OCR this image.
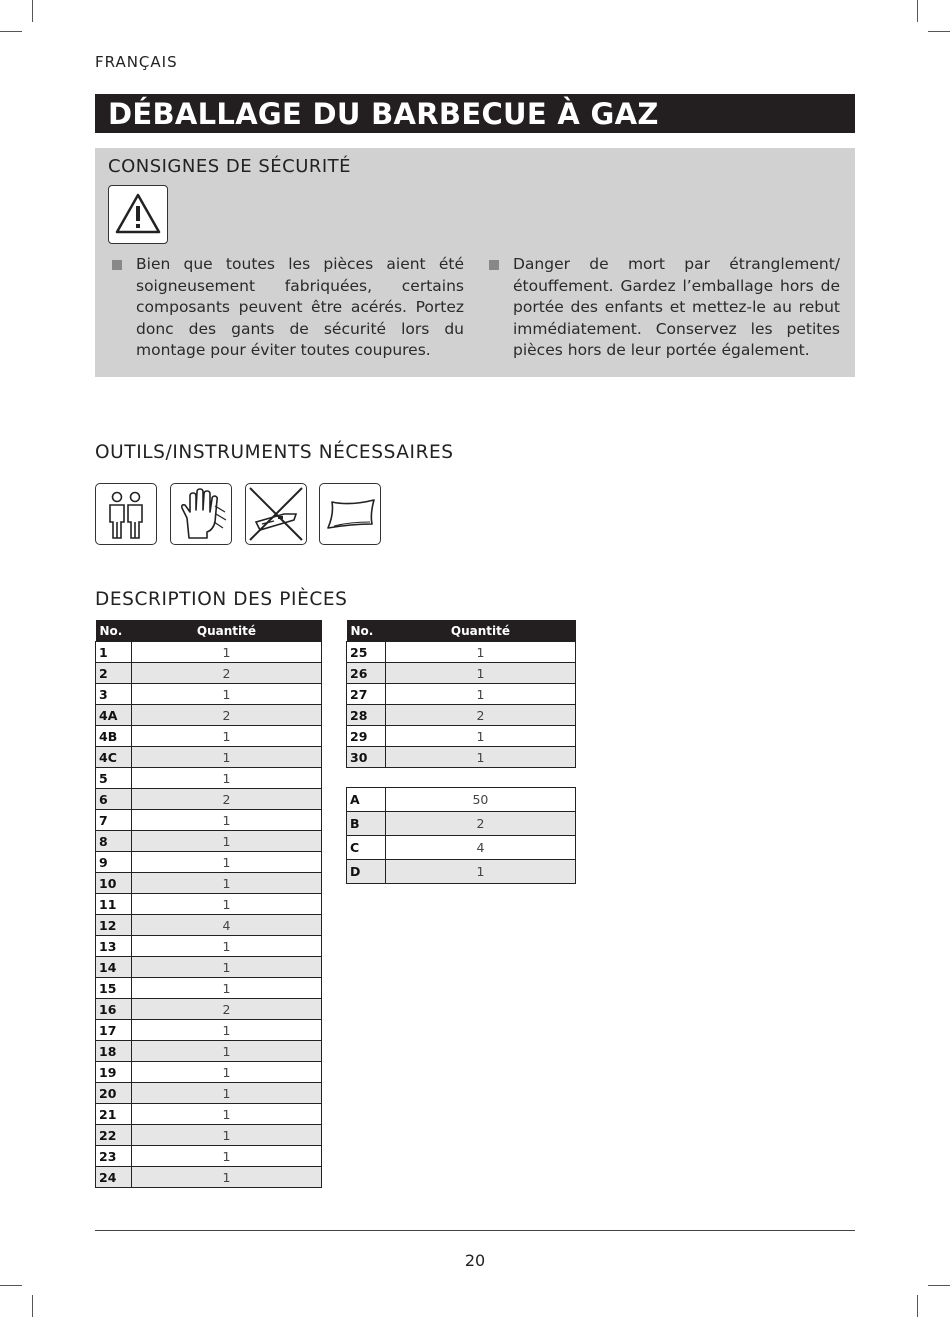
FRANÇAIS
DÉBALLAGE DU BARBECUE À GAZ
CONSIGNES DE SÉCURITÉ
Bien que toutes les pièces aient été soigneusement fabriquées, certains composants peuvent être acérés. Portez donc des gants de sécurité lors du montage pour éviter toutes coupures.
Danger de mort par étranglement/ étouffement. Gardez l’emballage hors de portée des enfants et mettez-le au rebut immédiatement. Conservez les petites pièces hors de leur portée également.
OUTILS/INSTRUMENTS NÉCESSAIRES
DESCRIPTION DES PIÈCES
No.	Quantité
1	1
2	2
3	1
4A	2
4B	1
4C	1
5	1
6	2
7	1
8	1
9	1
10	1
11	1
12	4
13	1
14	1
15	1
16	2
17	1
18	1
19	1
20	1
21	1
22	1
23	1
24	1
No.	Quantité
25	1
26	1
27	1
28	2
29	1
30	1
A	50
B	2
C	4
D	1
20
